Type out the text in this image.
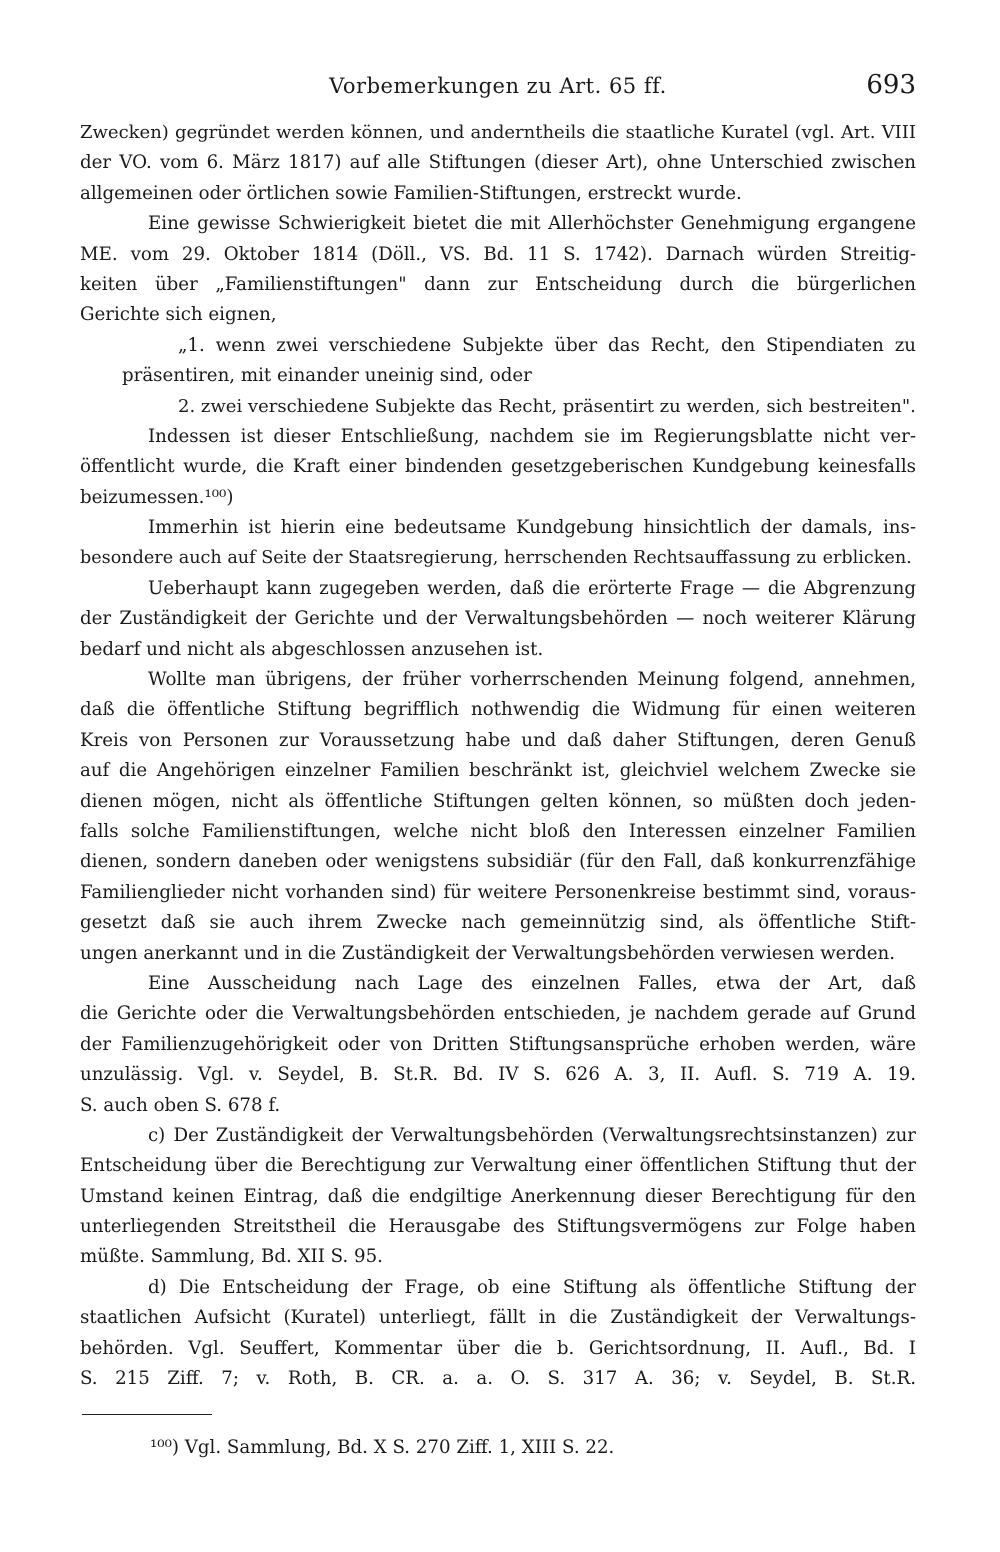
Vorbemerkungen zu Art. 65 ff.	693
Zwecken) gegründet werden können, und anderntheils die staatliche Kuratel (vgl. Art. VIII
der VO. vom 6. März 1817) auf alle Stiftungen (dieser Art), ohne Unterschied zwischen
allgemeinen oder örtlichen sowie Familien-Stiftungen, erstreckt wurde.
Eine gewisse Schwierigkeit bietet die mit Allerhöchster Genehmigung ergangene
ME. vom 29. Oktober 1814 (Döll., VS. Bd. 11 S. 1742). Darnach würden Streitig-
keiten über „Familienstiftungen" dann zur Entscheidung durch die bürgerlichen
Gerichte sich eignen,
„1. wenn zwei verschiedene Subjekte über das Recht, den Stipendiaten zu
präsentiren, mit einander uneinig sind, oder
2. zwei verschiedene Subjekte das Recht, präsentirt zu werden, sich bestreiten".
Indessen ist dieser Entschließung, nachdem sie im Regierungsblatte nicht ver-
öffentlicht wurde, die Kraft einer bindenden gesetzgeberischen Kundgebung keinesfalls
beizumessen.¹⁰⁰)
Immerhin ist hierin eine bedeutsame Kundgebung hinsichtlich der damals, ins-
besondere auch auf Seite der Staatsregierung, herrschenden Rechtsauffassung zu erblicken.
Ueberhaupt kann zugegeben werden, daß die erörterte Frage — die Abgrenzung
der Zuständigkeit der Gerichte und der Verwaltungsbehörden — noch weiterer Klärung
bedarf und nicht als abgeschlossen anzusehen ist.
Wollte man übrigens, der früher vorherrschenden Meinung folgend, annehmen,
daß die öffentliche Stiftung begrifflich nothwendig die Widmung für einen weiteren
Kreis von Personen zur Voraussetzung habe und daß daher Stiftungen, deren Genuß
auf die Angehörigen einzelner Familien beschränkt ist, gleichviel welchem Zwecke sie
dienen mögen, nicht als öffentliche Stiftungen gelten können, so müßten doch jeden-
falls solche Familienstiftungen, welche nicht bloß den Interessen einzelner Familien
dienen, sondern daneben oder wenigstens subsidiär (für den Fall, daß konkurrenzfähige
Familienglieder nicht vorhanden sind) für weitere Personenkreise bestimmt sind, voraus-
gesetzt daß sie auch ihrem Zwecke nach gemeinnützig sind, als öffentliche Stift-
ungen anerkannt und in die Zuständigkeit der Verwaltungsbehörden verwiesen werden.
Eine Ausscheidung nach Lage des einzelnen Falles, etwa der Art, daß
die Gerichte oder die Verwaltungsbehörden entschieden, je nachdem gerade auf Grund
der Familienzugehörigkeit oder von Dritten Stiftungsansprüche erhoben werden, wäre
unzulässig. Vgl. v. Seydel, B. St.R. Bd. IV S. 626 A. 3, II. Aufl. S. 719 A. 19.
S. auch oben S. 678 f.
c) Der Zuständigkeit der Verwaltungsbehörden (Verwaltungsrechtsinstanzen) zur
Entscheidung über die Berechtigung zur Verwaltung einer öffentlichen Stiftung thut der
Umstand keinen Eintrag, daß die endgiltige Anerkennung dieser Berechtigung für den
unterliegenden Streitstheil die Herausgabe des Stiftungsvermögens zur Folge haben
müßte. Sammlung, Bd. XII S. 95.
d) Die Entscheidung der Frage, ob eine Stiftung als öffentliche Stiftung der
staatlichen Aufsicht (Kuratel) unterliegt, fällt in die Zuständigkeit der Verwaltungs-
behörden. Vgl. Seuffert, Kommentar über die b. Gerichtsordnung, II. Aufl., Bd. I
S. 215 Ziff. 7; v. Roth, B. CR. a. a. O. S. 317 A. 36; v. Seydel, B. St.R.
¹⁰⁰) Vgl. Sammlung, Bd. X S. 270 Ziff. 1, XIII S. 22.
